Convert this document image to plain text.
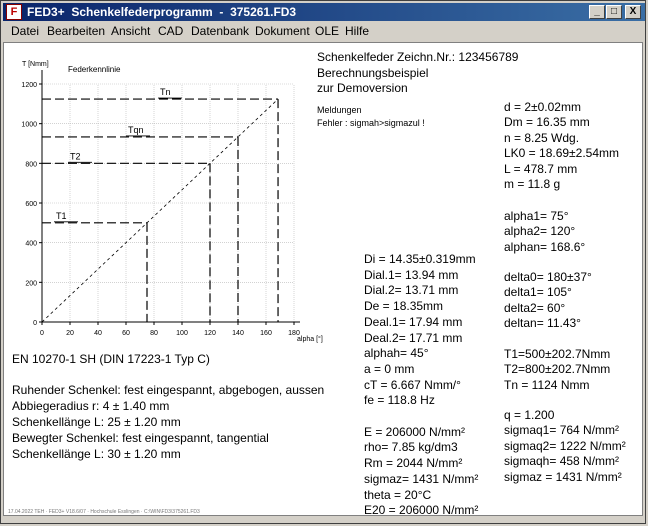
F FED3+  Schenkelfederprogramm  -  375261.FD3	_	□	X
Datei Bearbeiten Ansicht CAD Datenbank Dokument OLE Hilfe
T [Nmm]
Federkennlinie
alpha [°]
0
200
400
600
800
1000
1200
0	20	40	60	80	100 120 140 160 180
T1
T2
Tqn
Tn
EN 10270-1 SH (DIN 17223-1 Typ C)
Ruhender Schenkel: fest eingespannt, abgebogen, aussen
Abbiegeradius r: 4 ± 1.40 mm
Schenkellänge L: 25 ± 1.20 mm
Bewegter Schenkel: fest eingespannt, tangential
Schenkellänge L: 30 ± 1.20 mm
Schenkelfeder Zeichn.Nr.: 123456789
Berechnungsbeispiel
zur Demoversion
Meldungen
Fehler : sigmah>sigmazul !
Di = 14.35±0.319mm
Dial.1= 13.94 mm
Dial.2= 13.71 mm
De = 18.35mm
Deal.1= 17.94 mm
Deal.2= 17.71 mm
alphah= 45°
a = 0 mm
cT = 6.667 Nmm/°
fe = 118.8 Hz
E = 206000 N/mm²
rho= 7.85 kg/dm3
Rm = 2044 N/mm²
sigmaz= 1431 N/mm²
theta = 20°C
E20 = 206000 N/mm²
d = 2±0.02mm
Dm = 16.35 mm
n = 8.25 Wdg.
LK0 = 18.69±2.54mm
L = 478.7 mm
m = 11.8 g
alpha1= 75°
alpha2= 120°
alphan= 168.6°
delta0= 180±37°
delta1= 105°
delta2= 60°
deltan= 11.43°
T1=500±202.7Nmm
T2=800±202.7Nmm
Tn = 1124 Nmm
q = 1.200
sigmaq1= 764 N/mm²
sigmaq2= 1222 N/mm²
sigmaqh= 458 N/mm²
sigmaz = 1431 N/mm²
17.04.2022 TEH · FED3+ V18.6/07 · Hochschule Esslingen · C:\WIN\FD3\375261.FD3
